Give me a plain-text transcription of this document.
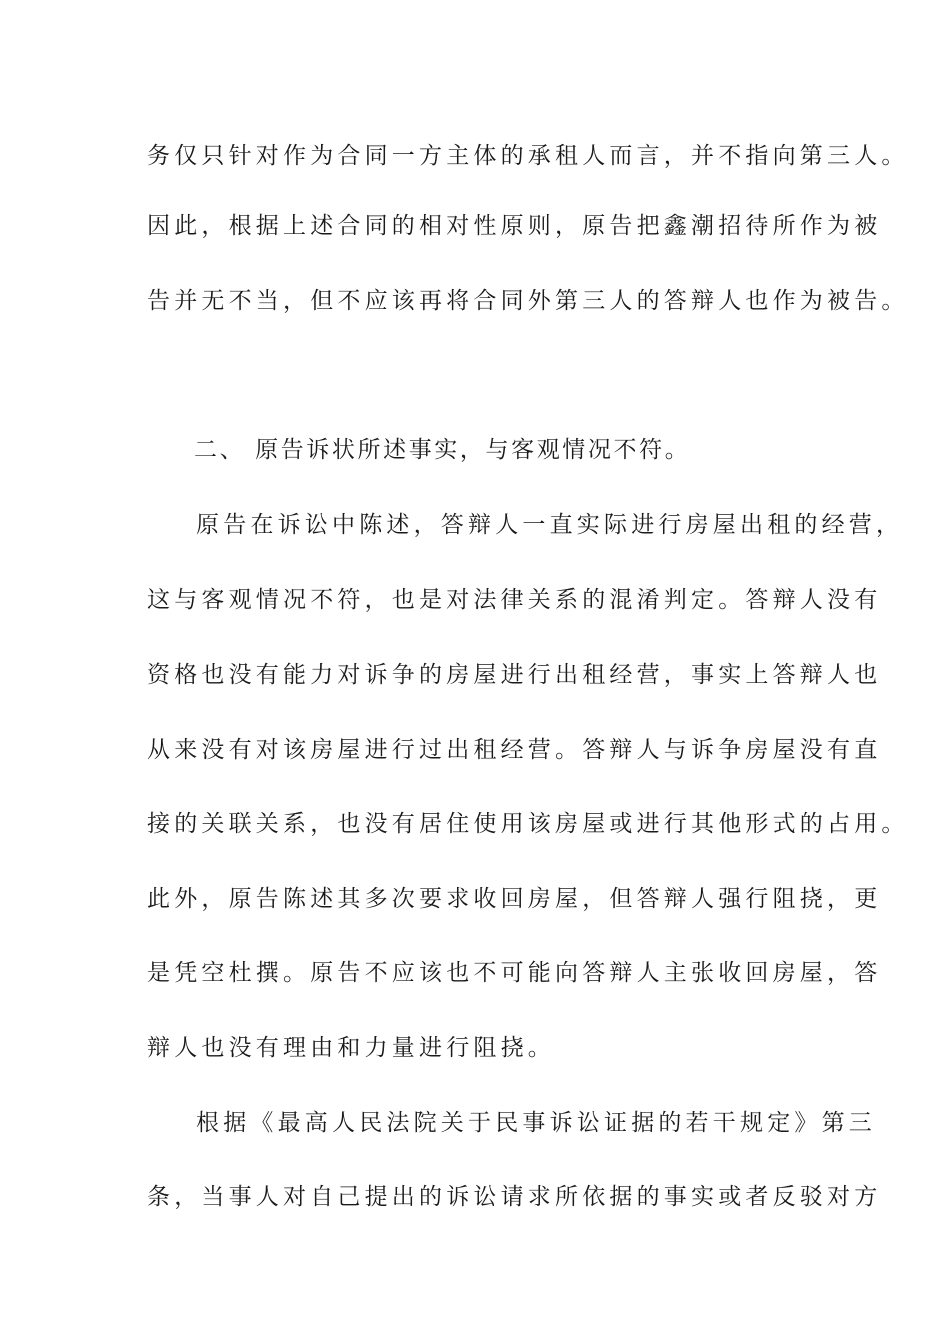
务仅只针对作为合同一方主体的承租人而言，并不指向第三人。
因此，根据上述合同的相对性原则，原告把鑫潮招待所作为被
告并无不当，但不应该再将合同外第三人的答辩人也作为被告。
二、 原告诉状所述事实，与客观情况不符。
原告在诉讼中陈述，答辩人一直实际进行房屋出租的经营，
这与客观情况不符，也是对法律关系的混淆判定。答辩人没有
资格也没有能力对诉争的房屋进行出租经营，事实上答辩人也
从来没有对该房屋进行过出租经营。答辩人与诉争房屋没有直
接的关联关系，也没有居住使用该房屋或进行其他形式的占用。
此外，原告陈述其多次要求收回房屋，但答辩人强行阻挠，更
是凭空杜撰。原告不应该也不可能向答辩人主张收回房屋，答
辩人也没有理由和力量进行阻挠。
根据《最高人民法院关于民事诉讼证据的若干规定》第三
条，当事人对自己提出的诉讼请求所依据的事实或者反驳对方
